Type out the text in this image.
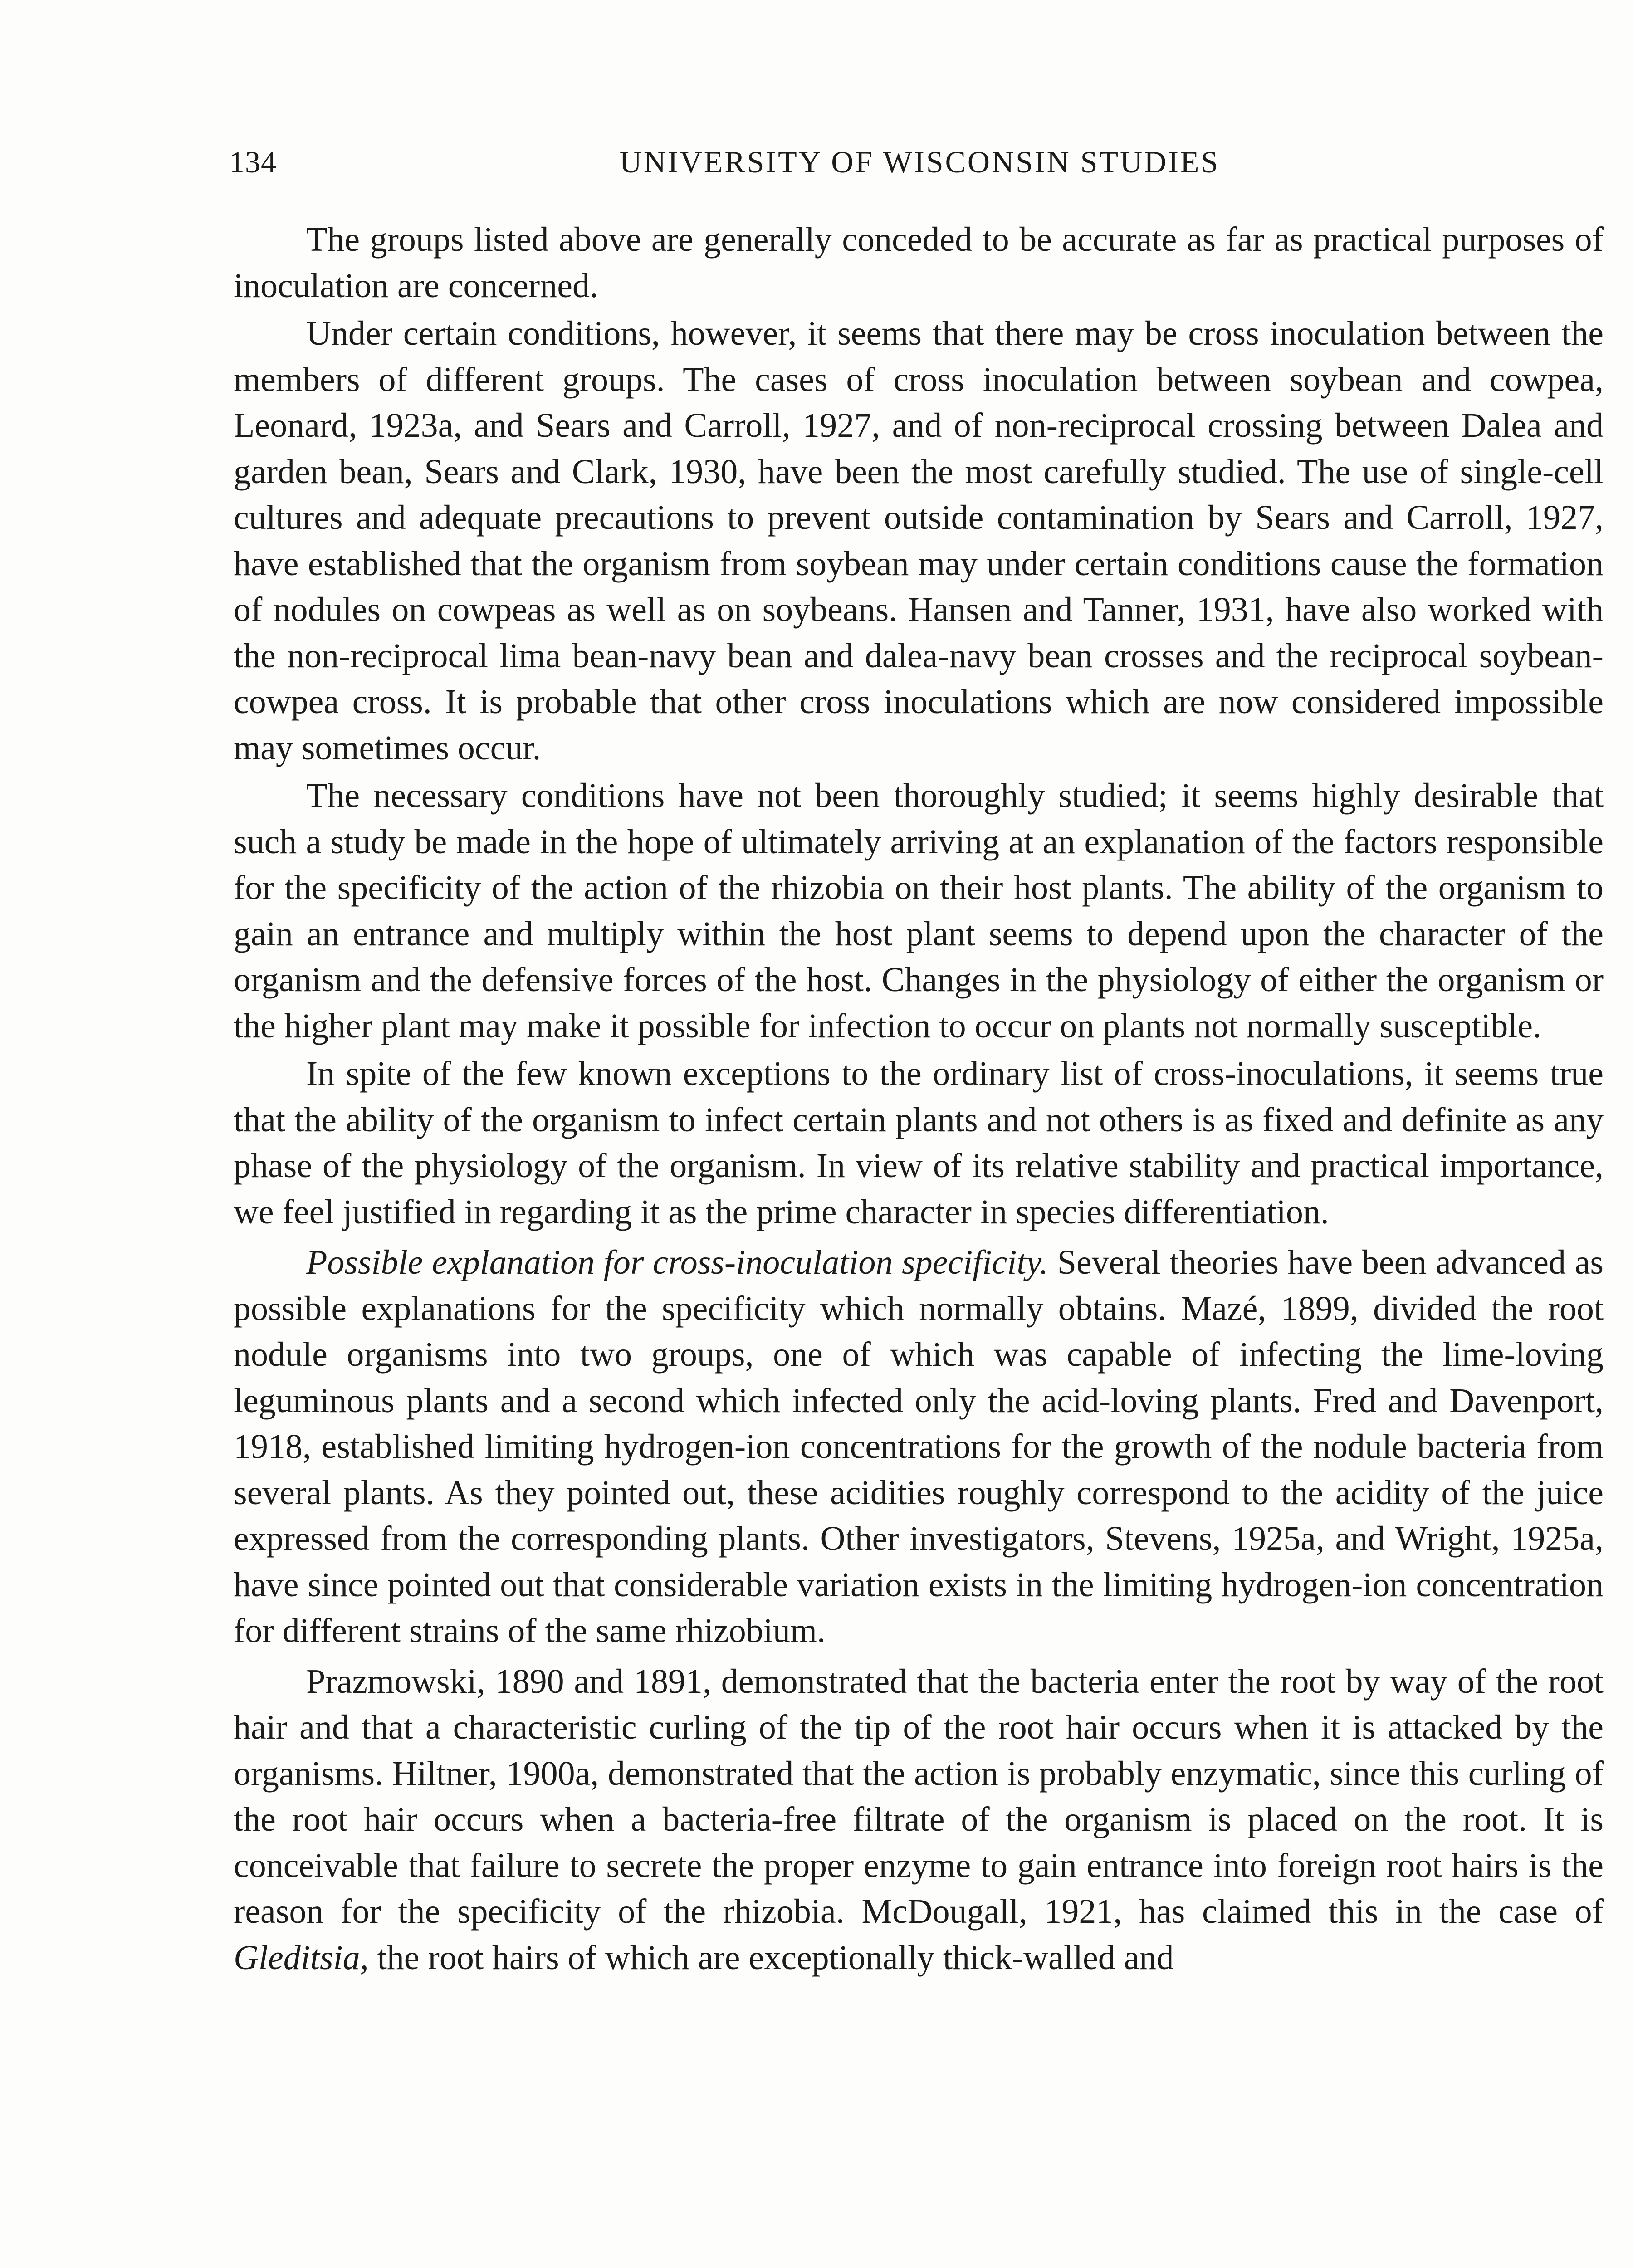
134	UNIVERSITY OF WISCONSIN STUDIES

The groups listed above are generally conceded to be accurate as far as practical purposes of inoculation are concerned.

Under certain conditions, however, it seems that there may be cross inoculation between the members of different groups. The cases of cross inoculation between soybean and cowpea, Leonard, 1923a, and Sears and Carroll, 1927, and of non-reciprocal crossing between Dalea and garden bean, Sears and Clark, 1930, have been the most carefully studied. The use of single-cell cultures and adequate precautions to prevent outside contamination by Sears and Carroll, 1927, have established that the organism from soybean may under certain conditions cause the formation of nodules on cowpeas as well as on soybeans. Hansen and Tanner, 1931, have also worked with the non-reciprocal lima bean-navy bean and dalea-navy bean crosses and the reciprocal soybean-cowpea cross. It is probable that other cross inoculations which are now considered impossible may sometimes occur.

The necessary conditions have not been thoroughly studied; it seems highly desirable that such a study be made in the hope of ultimately arriving at an explanation of the factors responsible for the specificity of the action of the rhizobia on their host plants. The ability of the organism to gain an entrance and multiply within the host plant seems to depend upon the character of the organism and the defensive forces of the host. Changes in the physiology of either the organism or the higher plant may make it possible for infection to occur on plants not normally susceptible.

In spite of the few known exceptions to the ordinary list of cross-inoculations, it seems true that the ability of the organism to infect certain plants and not others is as fixed and definite as any phase of the physiology of the organism. In view of its relative stability and practical importance, we feel justified in regarding it as the prime character in species differentiation.

Possible explanation for cross-inoculation specificity. Several theories have been advanced as possible explanations for the specificity which normally obtains. Mazé, 1899, divided the root nodule organisms into two groups, one of which was capable of infecting the lime-loving leguminous plants and a second which infected only the acid-loving plants. Fred and Davenport, 1918, established limiting hydrogen-ion concentrations for the growth of the nodule bacteria from several plants. As they pointed out, these acidities roughly correspond to the acidity of the juice expressed from the corresponding plants. Other investigators, Stevens, 1925a, and Wright, 1925a, have since pointed out that considerable variation exists in the limiting hydrogen-ion concentration for different strains of the same rhizobium.

Prazmowski, 1890 and 1891, demonstrated that the bacteria enter the root by way of the root hair and that a characteristic curling of the tip of the root hair occurs when it is attacked by the organisms. Hiltner, 1900a, demonstrated that the action is probably enzymatic, since this curling of the root hair occurs when a bacteria-free filtrate of the organism is placed on the root. It is conceivable that failure to secrete the proper enzyme to gain entrance into foreign root hairs is the reason for the specificity of the rhizobia. McDougall, 1921, has claimed this in the case of Gleditsia, the root hairs of which are exceptionally thick-walled and
